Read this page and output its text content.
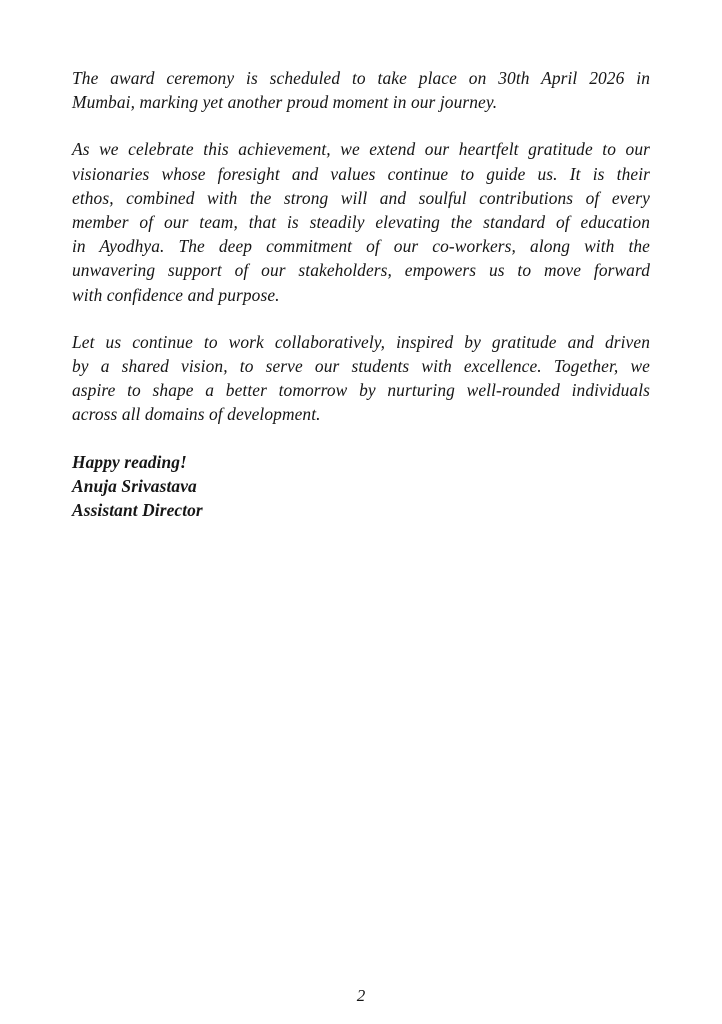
The award ceremony is scheduled to take place on 30th April 2026 in
Mumbai, marking yet another proud moment in our journey.

As we celebrate this achievement, we extend our heartfelt gratitude to our
visionaries whose foresight and values continue to guide us. It is their
ethos, combined with the strong will and soulful contributions of every
member of our team, that is steadily elevating the standard of education
in Ayodhya. The deep commitment of our co-workers, along with the
unwavering support of our stakeholders, empowers us to move forward
with confidence and purpose.

Let us continue to work collaboratively, inspired by gratitude and driven
by a shared vision, to serve our students with excellence. Together, we
aspire to shape a better tomorrow by nurturing well-rounded individuals
across all domains of development.

Happy reading!
Anuja Srivastava
Assistant Director
2
